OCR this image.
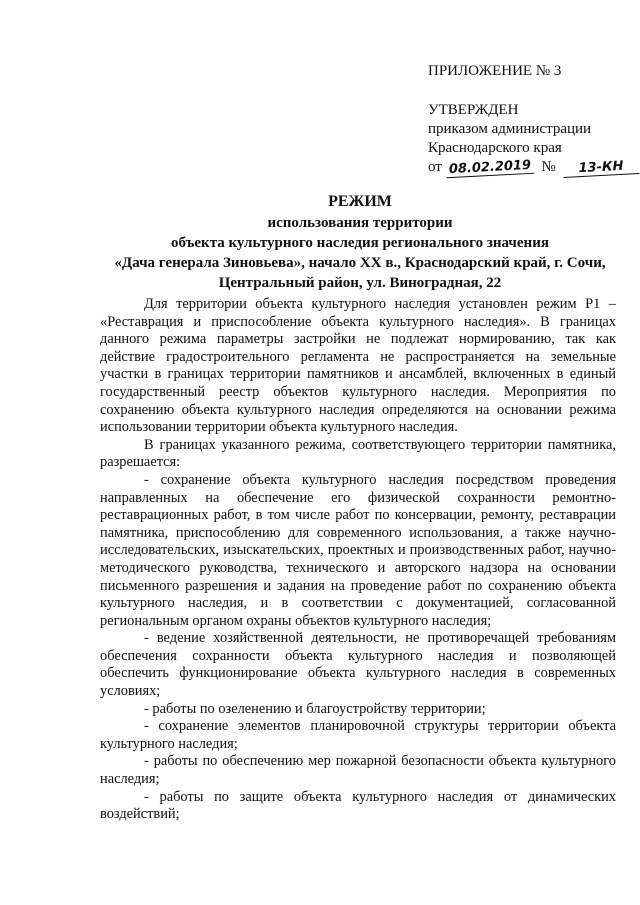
ПРИЛОЖЕНИЕ № 3
УТВЕРЖДЕН
приказом администрации
Краснодарского края
от 08.02.2019 № 13-КН
РЕЖИМ
использования территории
объекта культурного наследия регионального значения
«Дача генерала Зиновьева», начало XX в., Краснодарский край, г. Сочи,
Центральный район, ул. Виноградная, 22

Для территории объекта культурного наследия установлен режим Р1 – «Реставрация и приспособление объекта культурного наследия». В границах данного режима параметры застройки не подлежат нормированию, так как действие градостроительного регламента не распространяется на земельные участки в границах территории памятников и ансамблей, включенных в единый государственный реестр объектов культурного наследия. Мероприятия по сохранению объекта культурного наследия определяются на основании режима использовании территории объекта культурного наследия.

В границах указанного режима, соответствующего территории памятника, разрешается:

- сохранение объекта культурного наследия посредством проведения направленных на обеспечение его физической сохранности ремонтно-реставрационных работ, в том числе работ по консервации, ремонту, реставрации памятника, приспособлению для современного использования, а также научно-исследовательских, изыскательских, проектных и производственных работ, научно-методического руководства, технического и авторского надзора на основании письменного разрешения и задания на проведение работ по сохранению объекта культурного наследия, и в соответствии с документацией, согласованной региональным органом охраны объектов культурного наследия;

- ведение хозяйственной деятельности, не противоречащей требованиям обеспечения сохранности объекта культурного наследия и позволяющей обеспечить функционирование объекта культурного наследия в современных условиях;

- работы по озеленению и благоустройству территории;

- сохранение элементов планировочной структуры территории объекта культурного наследия;

- работы по обеспечению мер пожарной безопасности объекта культурного наследия;

- работы по защите объекта культурного наследия от динамических воздействий;
